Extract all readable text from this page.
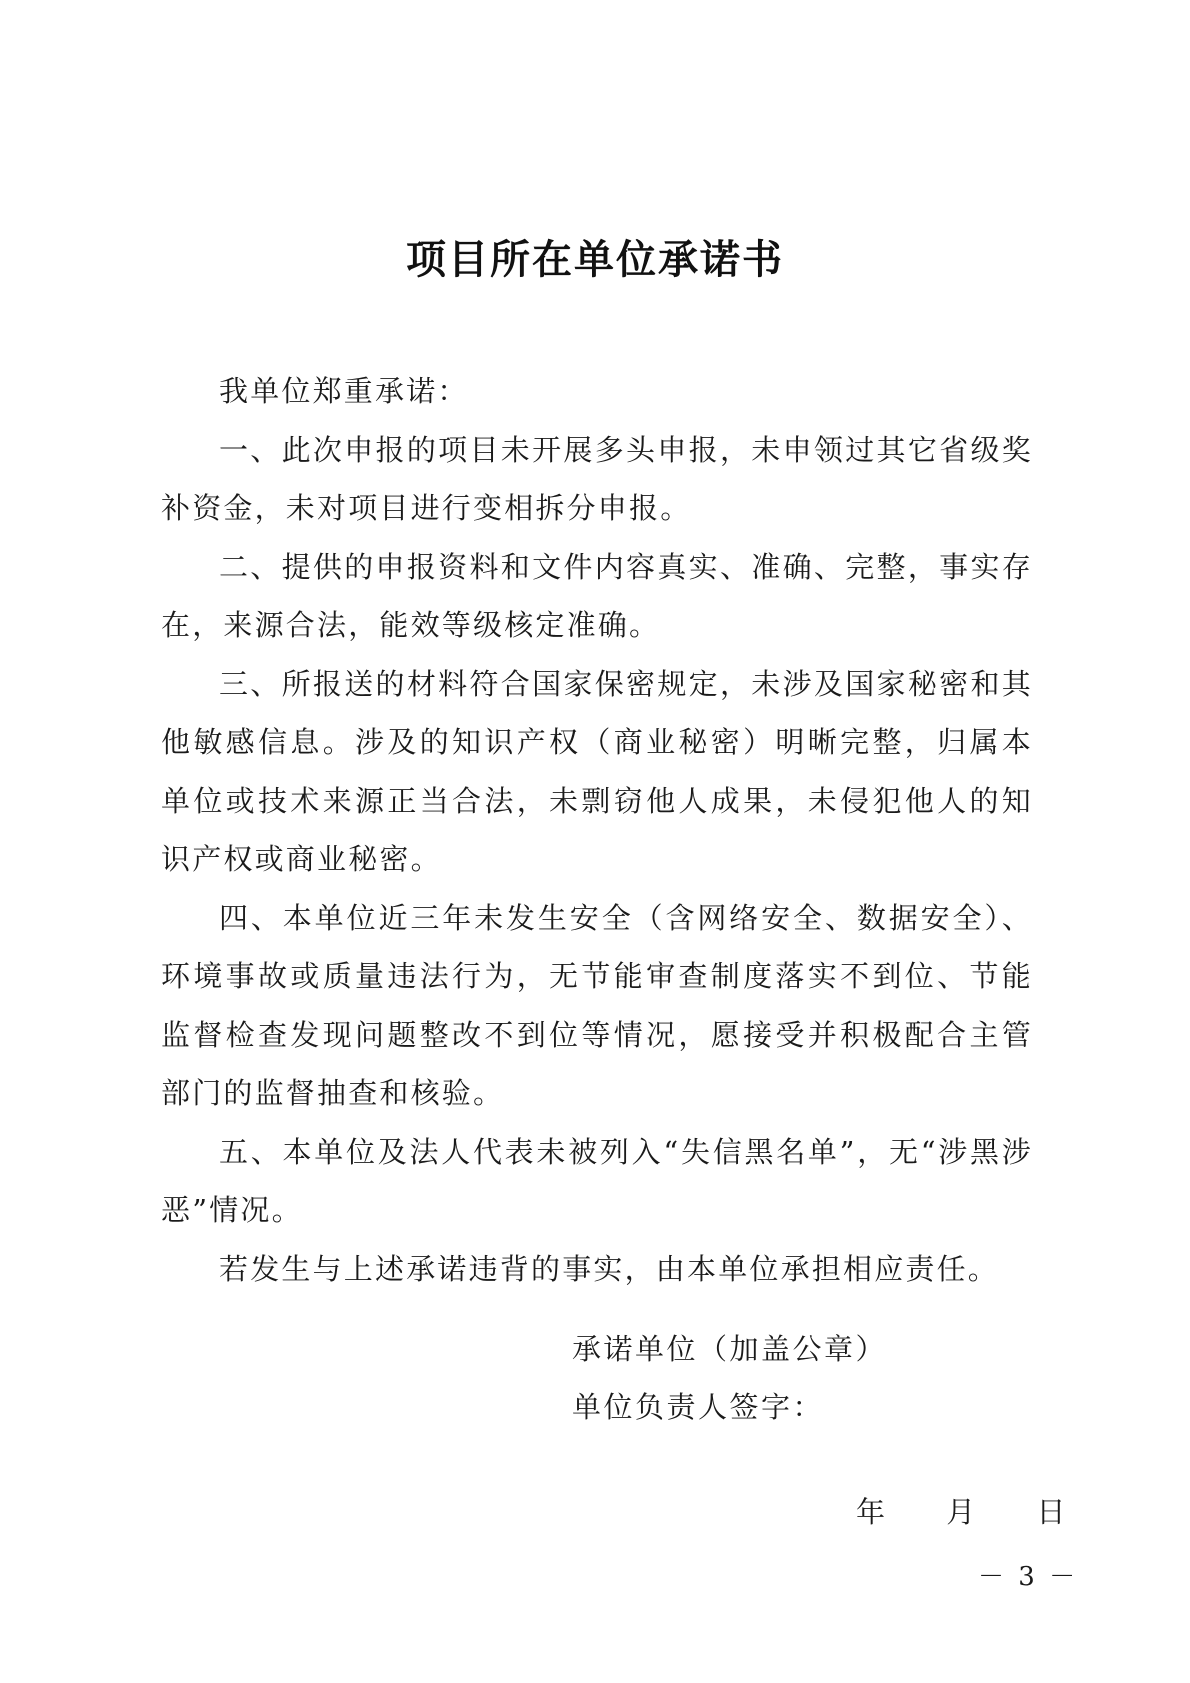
项目所在单位承诺书

我单位郑重承诺：

一、此次申报的项目未开展多头申报，未申领过其它省级奖补资金，未对项目进行变相拆分申报。

二、提供的申报资料和文件内容真实、准确、完整，事实存在，来源合法，能效等级核定准确。

三、所报送的材料符合国家保密规定，未涉及国家秘密和其他敏感信息。涉及的知识产权（商业秘密）明晰完整，归属本单位或技术来源正当合法，未剽窃他人成果，未侵犯他人的知识产权或商业秘密。

四、本单位近三年未发生安全（含网络安全、数据安全）、环境事故或质量违法行为，无节能审查制度落实不到位、节能监督检查发现问题整改不到位等情况，愿接受并积极配合主管部门的监督抽查和核验。

五、本单位及法人代表未被列入“失信黑名单”，无“涉黑涉恶”情况。

若发生与上述承诺违背的事实，由本单位承担相应责任。

承诺单位（加盖公章）
单位负责人签字：
年 月 日
－ 3 －
